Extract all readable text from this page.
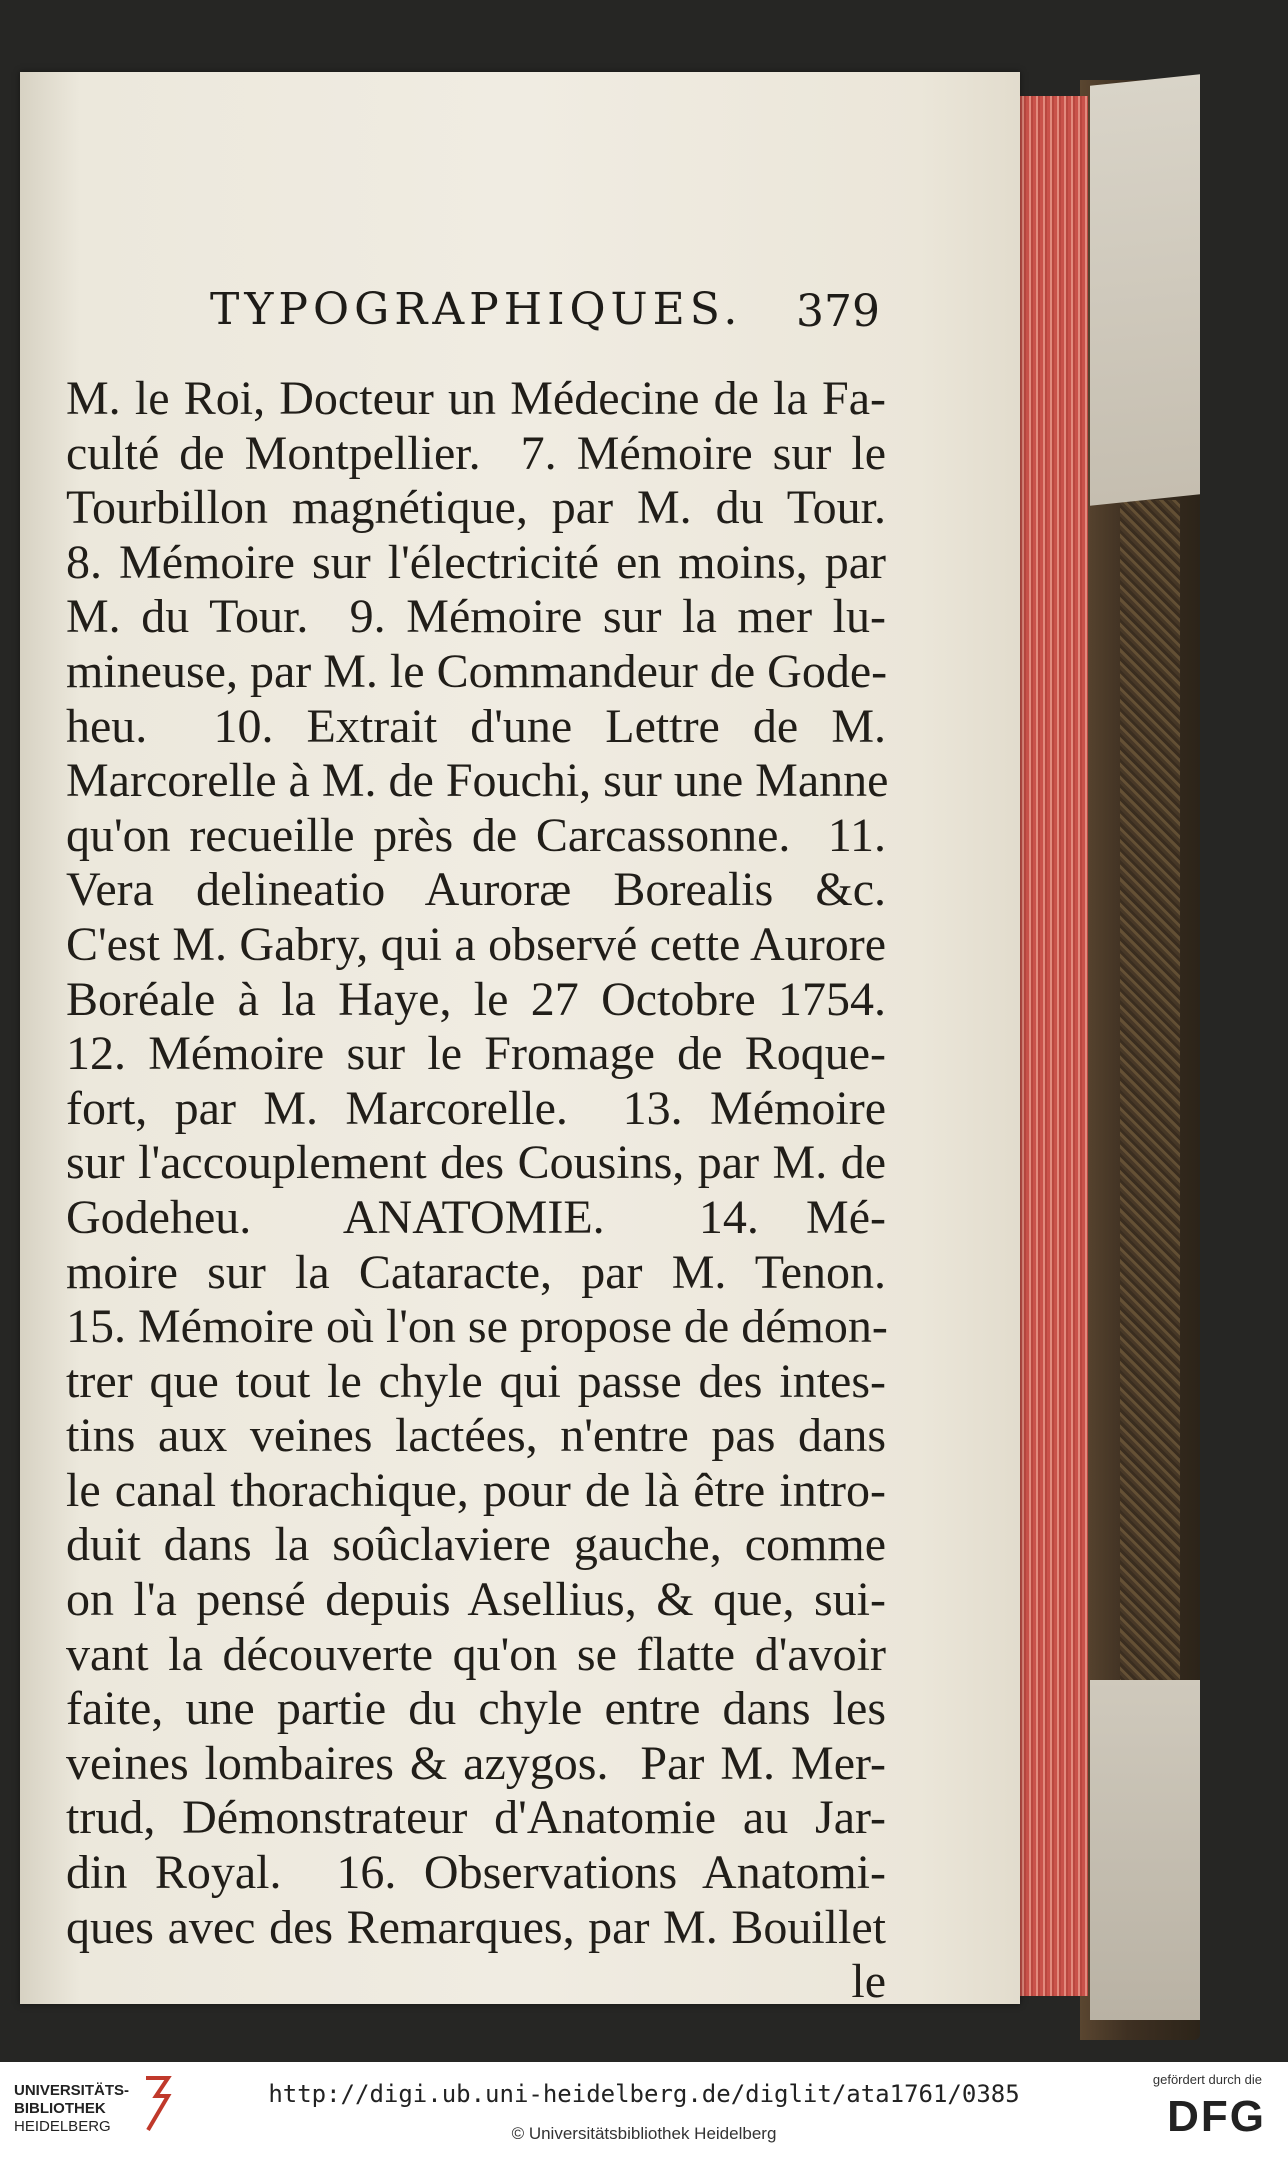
TYPOGRAPHIQUES. 379
M. le Roi, Docteur un Médecine de la Fa-
culté de Montpellier.  7. Mémoire sur le
Tourbillon magnétique, par M. du Tour.
8. Mémoire sur l'électricité en moins, par
M. du Tour.  9. Mémoire sur la mer lu-
mineuse, par M. le Commandeur de Gode-
heu.  10. Extrait d'une Lettre de M.
Marcorelle à M. de Fouchi, sur une Manne
qu'on recueille près de Carcassonne.  11.
Vera delineatio Auroræ Borealis &c.
C'est M. Gabry, qui a observé cette Aurore
Boréale à la Haye, le 27 Octobre 1754.
12. Mémoire sur le Fromage de Roque-
fort, par M. Marcorelle.  13. Mémoire
sur l'accouplement des Cousins, par M. de
Godeheu.  ANATOMIE.  14. Mé-
moire sur la Cataracte, par M. Tenon.
15. Mémoire où l'on se propose de démon-
trer que tout le chyle qui passe des intes-
tins aux veines lactées, n'entre pas dans
le canal thorachique, pour de là être intro-
duit dans la soûclaviere gauche, comme
on l'a pensé depuis Asellius, & que, sui-
vant la découverte qu'on se flatte d'avoir
faite, une partie du chyle entre dans les
veines lombaires & azygos.  Par M. Mer-
trud, Démonstrateur d'Anatomie au Jar-
din Royal.  16. Observations Anatomi-
ques avec des Remarques, par M. Bouillet
le
UNIVERSITÄTS-
BIBLIOTHEK
HEIDELBERG
http://digi.ub.uni-heidelberg.de/diglit/ata1761/0385
© Universitätsbibliothek Heidelberg
gefördert durch die
DFG
